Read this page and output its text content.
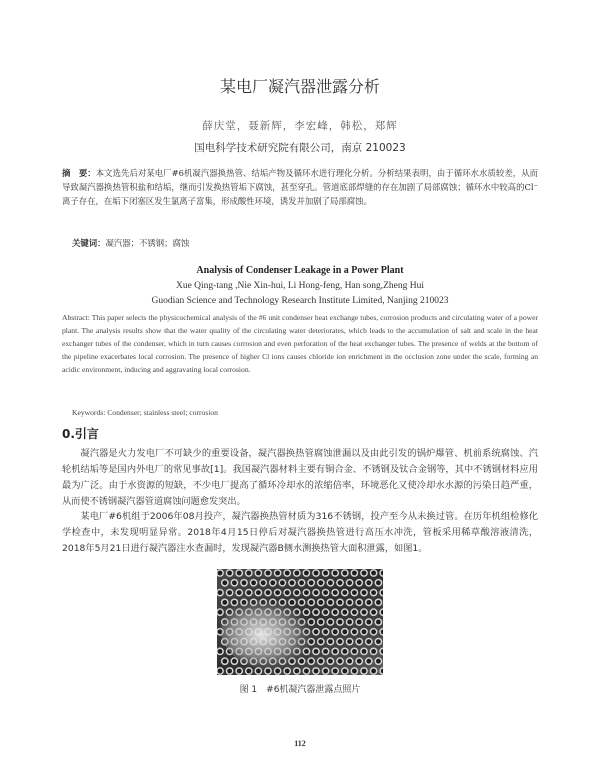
某电厂凝汽器泄露分析
薛庆堂，聂新辉，李宏峰，韩松，郑辉
国电科学技术研究院有限公司，南京 210023
摘　要：本文选先后对某电厂#6机凝汽器换热管、结垢产物及循环水进行理化分析。分析结果表明，由于循环水水质较差，从而导致凝汽器换热管积盐和结垢，继而引发换热管垢下腐蚀，甚至穿孔。管道底部焊缝的存在加剧了局部腐蚀；循环水中较高的Cl⁻离子存在，在垢下闭塞区发生氯离子富集，形成酸性环境，诱发并加剧了局部腐蚀。
关键词：凝汽器；不锈钢；腐蚀
Analysis of Condenser Leakage in a Power Plant
Xue Qing-tang ,Nie Xin-hui, Li Hong-feng, Han song,Zheng Hui
Guodian Science and Technology Research Institute Limited, Nanjing 210023
Abstract: This paper selects the physicochemical analysis of the #6 unit condenser heat exchange tubes, corrosion products and circulating water of a power plant. The analysis results show that the water quality of the circulating water deteriorates, which leads to the accumulation of salt and scale in the heat exchanger tubes of the condenser, which in turn causes corrosion and even perforation of the heat exchanger tubes. The presence of welds at the bottom of the pipeline exacerbates local corrosion. The presence of higher Cl ions causes chloride ion enrichment in the occlusion zone under the scale, forming an acidic environment, inducing and aggravating local corrosion.
Keywords: Condenser; stainless steel; corrosion
0.引言
凝汽器是火力发电厂不可缺少的重要设备，凝汽器换热管腐蚀泄漏以及由此引发的锅炉爆管、机前系统腐蚀、汽轮机结垢等是国内外电厂的常见事故[1]。我国凝汽器材料主要有铜合金、不锈钢及钛合金钢等，其中不锈钢材料应用最为广泛。由于水资源的短缺，不少电厂提高了循环冷却水的浓缩倍率，环境恶化又使冷却水水源的污染日趋严重，从而使不锈钢凝汽器管道腐蚀问题愈发突出。
某电厂#6机组于2006年08月投产，凝汽器换热管材质为316不锈钢，投产至今从未换过管。在历年机组检修化学检查中，未发现明显异常。2018年4月15日停后对凝汽器换热管进行高压水冲洗，管板采用稀草酸溶液清洗，2018年5月21日进行凝汽器注水查漏时，发现凝汽器B侧水测换热管大面积泄露，如图1。
图 1　#6机凝汽器泄露点照片
112
